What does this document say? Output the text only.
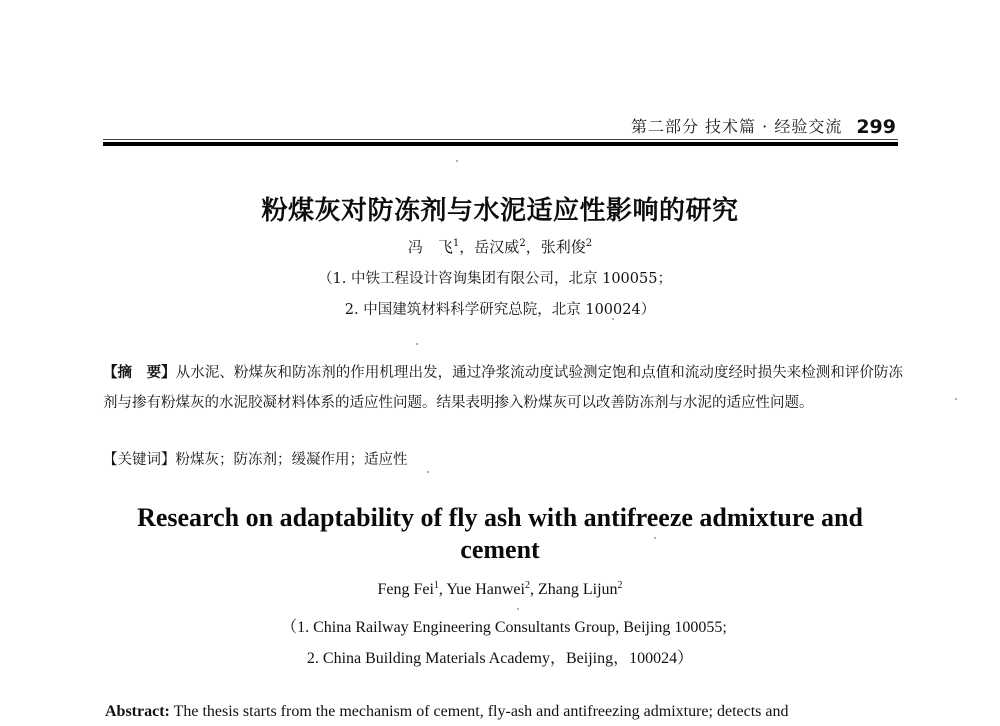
第二部分 技术篇 · 经验交流 299
粉煤灰对防冻剂与水泥适应性影响的研究
冯　飞$^1$，岳汉威$^2$，张利俊$^2$
（1. 中铁工程设计咨询集团有限公司，北京 100055；
2. 中国建筑材料科学研究总院，北京 100024）

【摘　要】从水泥、粉煤灰和防冻剂的作用机理出发，通过净浆流动度试验测定饱和点值和流动度经时损失来检测和评价防冻剂与掺有粉煤灰的水泥胶凝材料体系的适应性问题。结果表明掺入粉煤灰可以改善防冻剂与水泥的适应性问题。

【关键词】粉煤灰；防冻剂；缓凝作用；适应性

Research on adaptability of fly ash with antifreeze admixture and cement
Feng Fei$^1$, Yue Hanwei$^2$, Zhang Lijun$^2$
（1. China Railway Engineering Consultants Group, Beijing 100055;
2. China Building Materials Academy，Beijing，100024）

Abstract: The thesis starts from the mechanism of cement, fly-ash and antifreezing admixture; detects and
